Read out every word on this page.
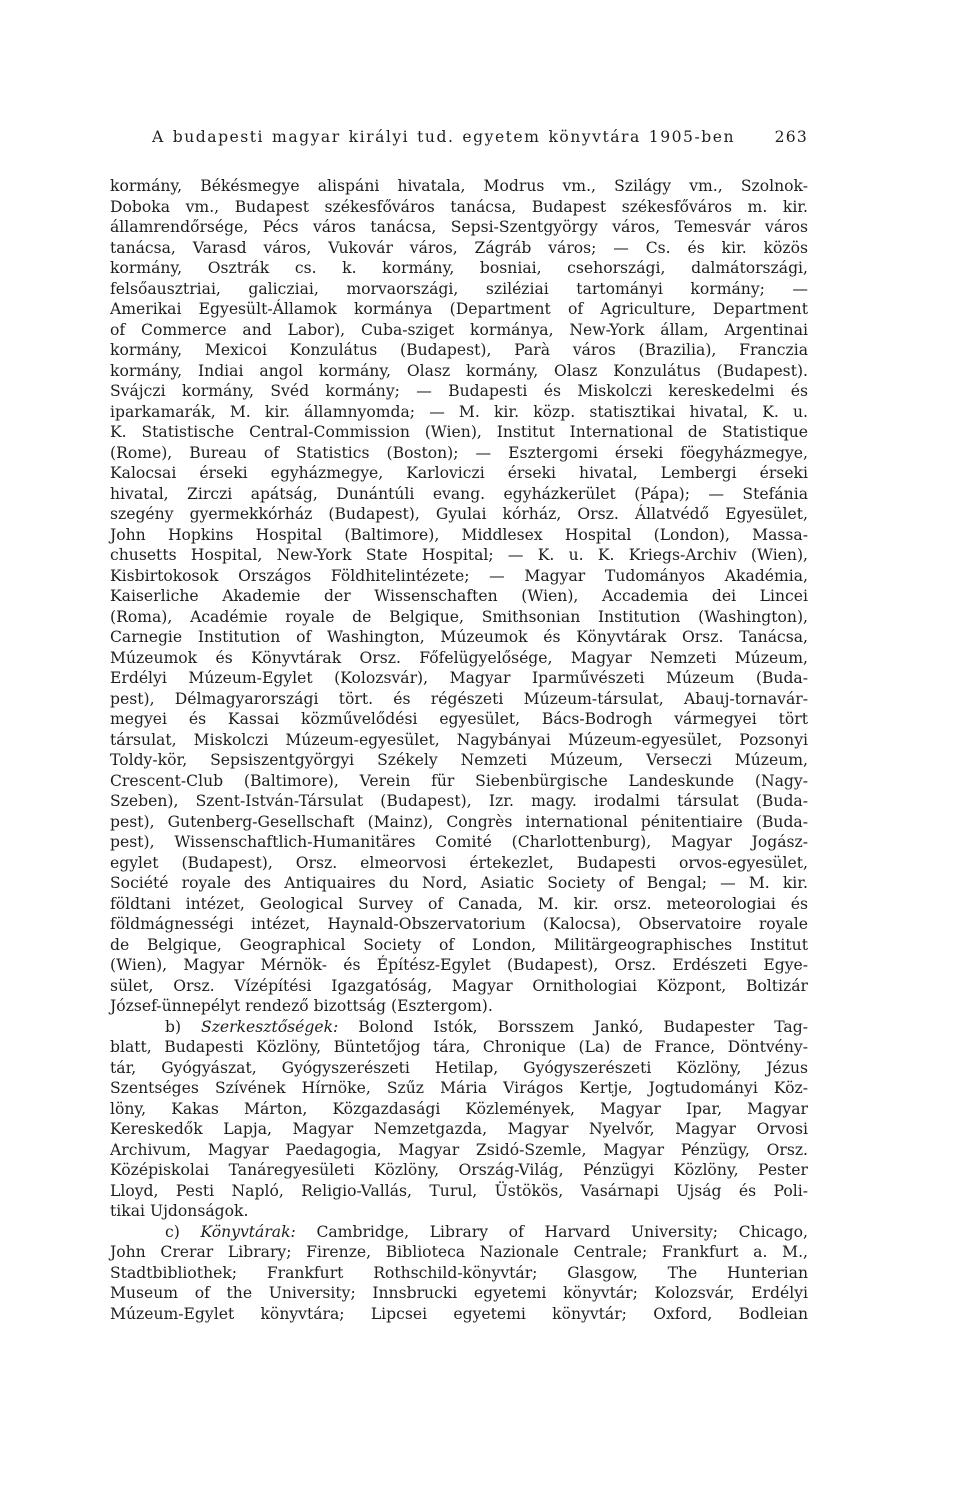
A budapesti magyar királyi tud. egyetem könyvtára 1905-ben	263
kormány, Békésmegye alispáni hivatala, Modrus vm., Szilágy vm., Szolnok-
Doboka vm., Budapest székesfőváros tanácsa, Budapest székesfőváros m. kir.
államrendőrsége, Pécs város tanácsa, Sepsi-Szentgyörgy város, Temesvár város
tanácsa, Varasd város, Vukovár város, Zágráb város; — Cs. és kir. közös
kormány, Osztrák cs. k. kormány, bosniai, csehországi, dalmátországi,
felsőausztriai, galicziai, morvaországi, sziléziai tartományi kormány; —
Amerikai Egyesült-Államok kormánya (Department of Agriculture, Department
of Commerce and Labor), Cuba-sziget kormánya, New-York állam, Argentinai
kormány, Mexicoi Konzulátus (Budapest), Parà város (Brazilia), Franczia
kormány, Indiai angol kormány, Olasz kormány, Olasz Konzulátus (Budapest).
Svájczi kormány, Svéd kormány; — Budapesti és Miskolczi kereskedelmi és
iparkamarák, M. kir. államnyomda; — M. kir. közp. statisztikai hivatal, K. u.
K. Statistische Central-Commission (Wien), Institut International de Statistique
(Rome), Bureau of Statistics (Boston); — Esztergomi érseki föegyházmegye,
Kalocsai érseki egyházmegye, Karloviczi érseki hivatal, Lembergi érseki
hivatal, Zirczi apátság, Dunántúli evang. egyházkerület (Pápa); — Stefánia
szegény gyermekkórház (Budapest), Gyulai kórház, Orsz. Állatvédő Egyesület,
John Hopkins Hospital (Baltimore), Middlesex Hospital (London), Massa-
chusetts Hospital, New-York State Hospital; — K. u. K. Kriegs-Archiv (Wien),
Kisbirtokosok Országos Földhitelintézete; — Magyar Tudományos Akadémia,
Kaiserliche Akademie der Wissenschaften (Wien), Accademia dei Lincei
(Roma), Académie royale de Belgique, Smithsonian Institution (Washington),
Carnegie Institution of Washington, Múzeumok és Könyvtárak Orsz. Tanácsa,
Múzeumok és Könyvtárak Orsz. Főfelügyelősége, Magyar Nemzeti Múzeum,
Erdélyi Múzeum-Egylet (Kolozsvár), Magyar Iparművészeti Múzeum (Buda-
pest), Délmagyarországi tört. és régészeti Múzeum-társulat, Abauj-tornavár-
megyei és Kassai közművelődési egyesület, Bács-Bodrogh vármegyei tört
társulat, Miskolczi Múzeum-egyesület, Nagybányai Múzeum-egyesület, Pozsonyi
Toldy-kör, Sepsiszentgyörgyi Székely Nemzeti Múzeum, Verseczi Múzeum,
Crescent-Club (Baltimore), Verein für Siebenbürgische Landeskunde (Nagy-
Szeben), Szent-István-Társulat (Budapest), Izr. magy. irodalmi társulat (Buda-
pest), Gutenberg-Gesellschaft (Mainz), Congrès international pénitentiaire (Buda-
pest), Wissenschaftlich-Humanitäres Comité (Charlottenburg), Magyar Jogász-
egylet (Budapest), Orsz. elmeorvosi értekezlet, Budapesti orvos-egyesület,
Société royale des Antiquaires du Nord, Asiatic Society of Bengal; — M. kir.
földtani intézet, Geological Survey of Canada, M. kir. orsz. meteorologiai és
földmágnességi intézet, Haynald-Obszervatorium (Kalocsa), Observatoire royale
de Belgique, Geographical Society of London, Militärgeographisches Institut
(Wien), Magyar Mérnök- és Építész-Egylet (Budapest), Orsz. Erdészeti Egye-
sület, Orsz. Vízépítési Igazgatóság, Magyar Ornithologiai Központ, Boltizár
József-ünnepélyt rendező bizottság (Esztergom).
b) Szerkesztőségek: Bolond Istók, Borsszem Jankó, Budapester Tag-
blatt, Budapesti Közlöny, Büntetőjog tára, Chronique (La) de France, Döntvény-
tár, Gyógyászat, Gyógyszerészeti Hetilap, Gyógyszerészeti Közlöny, Jézus
Szentséges Szívének Hírnöke, Szűz Mária Virágos Kertje, Jogtudományi Köz-
löny, Kakas Márton, Közgazdasági Közlemények, Magyar Ipar, Magyar
Kereskedők Lapja, Magyar Nemzetgazda, Magyar Nyelvőr, Magyar Orvosi
Archivum, Magyar Paedagogia, Magyar Zsidó-Szemle, Magyar Pénzügy, Orsz.
Középiskolai Tanáregyesületi Közlöny, Ország-Világ, Pénzügyi Közlöny, Pester
Lloyd, Pesti Napló, Religio-Vallás, Turul, Üstökös, Vasárnapi Ujság és Poli-
tikai Ujdonságok.
c) Könyvtárak: Cambridge, Library of Harvard University; Chicago,
John Crerar Library; Firenze, Biblioteca Nazionale Centrale; Frankfurt a. M.,
Stadtbibliothek; Frankfurt Rothschild-könyvtár; Glasgow, The Hunterian
Museum of the University; Innsbrucki egyetemi könyvtár; Kolozsvár, Erdélyi
Múzeum-Egylet könyvtára; Lipcsei egyetemi könyvtár; Oxford, Bodleian
